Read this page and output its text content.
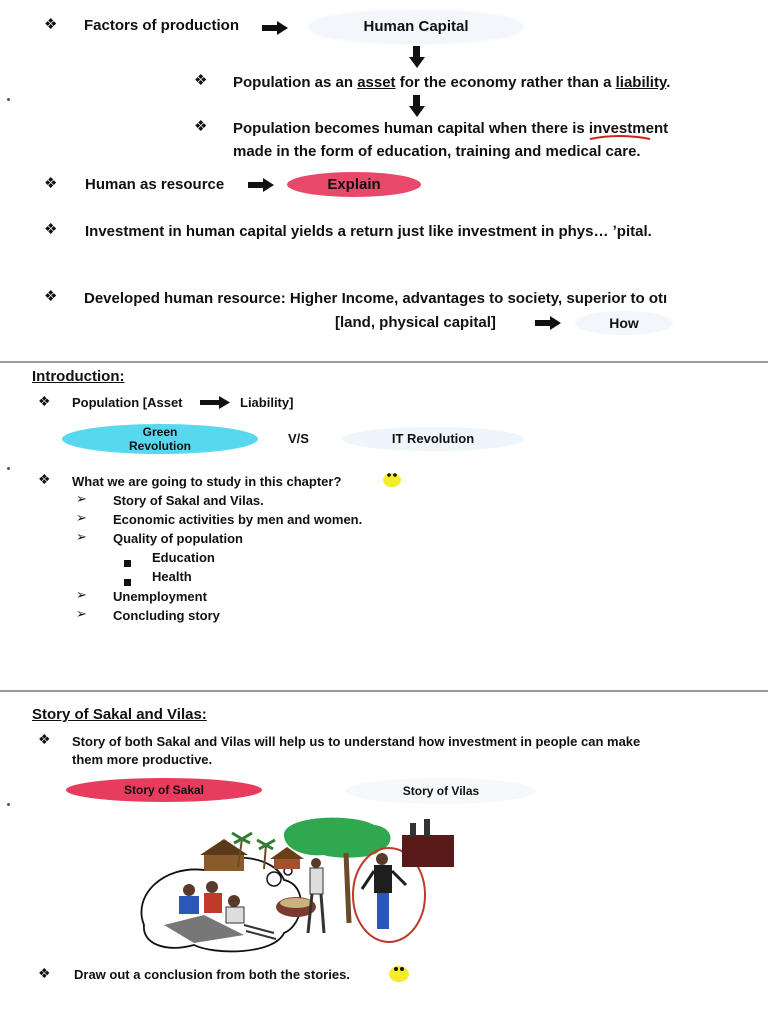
❖ Factors of production	Human Capital
❖ Population as an asset for the economy rather than a liability.
❖ Population becomes human capital when there is investment
made in the form of education, training and medical care.
❖ Human as resource	Explain
❖ Investment in human capital yields a return just like investment in phys… ʼpital.
❖ Developed human resource: Higher Income, advantages to society, superior to otı
[land, physical capital]	How
Introduction:
❖ Population [Asset	Liability]
Green Revolution	V/S	IT Revolution
❖ What we are going to study in this chapter?
➢ Story of Sakal and Vilas.
➢ Economic activities by men and women.
➢ Quality of population
Education
Health
➢ Unemployment
➢ Concluding story
Story of Sakal and Vilas:
❖ Story of both Sakal and Vilas will help us to understand how investment in people can make
them more productive.
Story of Sakal	Story of Vilas
❖ Draw out a conclusion from both the stories.
